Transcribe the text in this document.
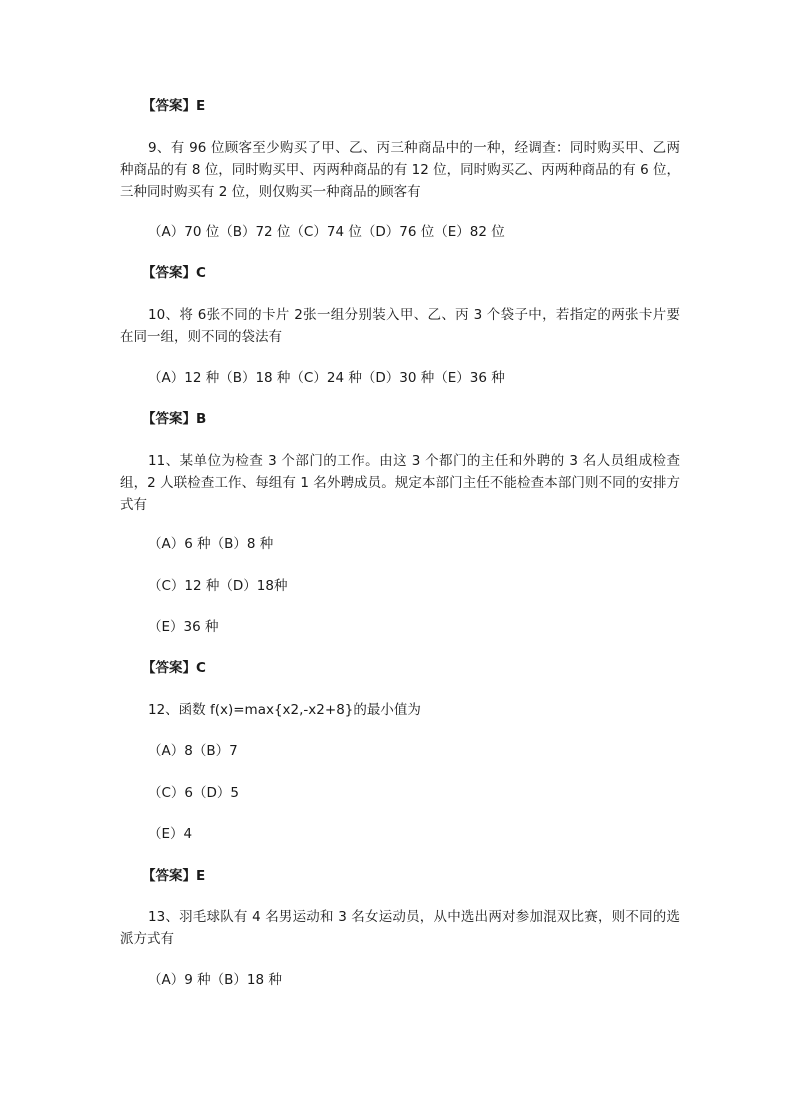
【答案】E
9、有 96 位顾客至少购买了甲、乙、丙三种商品中的一种，经调查：同时购买甲、乙两种商品的有 8 位，同时购买甲、丙两种商品的有 12 位，同时购买乙、丙两种商品的有 6 位，三种同时购买有 2 位，则仅购买一种商品的顾客有
（A）70 位（B）72 位（C）74 位（D）76 位（E）82 位
【答案】C
10、将 6张不同的卡片 2张一组分别装入甲、乙、丙 3 个袋子中，若指定的两张卡片要在同一组，则不同的袋法有
（A）12 种（B）18 种（C）24 种（D）30 种（E）36 种
【答案】B
11、某单位为检查 3 个部门的工作。由这 3 个都门的主任和外聘的 3 名人员组成检查组，2 人联检查工作、每组有 1 名外聘成员。规定本部门主任不能检查本部门则不同的安排方式有
（A）6 种（B）8 种
（C）12 种（D）18种
（E）36 种
【答案】C
12、函数 f(x)=max{x2,-x2+8}的最小值为
（A）8（B）7
（C）6（D）5
（E）4
【答案】E
13、羽毛球队有 4 名男运动和 3 名女运动员，从中选出两对参加混双比赛，则不同的选派方式有
（A）9 种（B）18 种
